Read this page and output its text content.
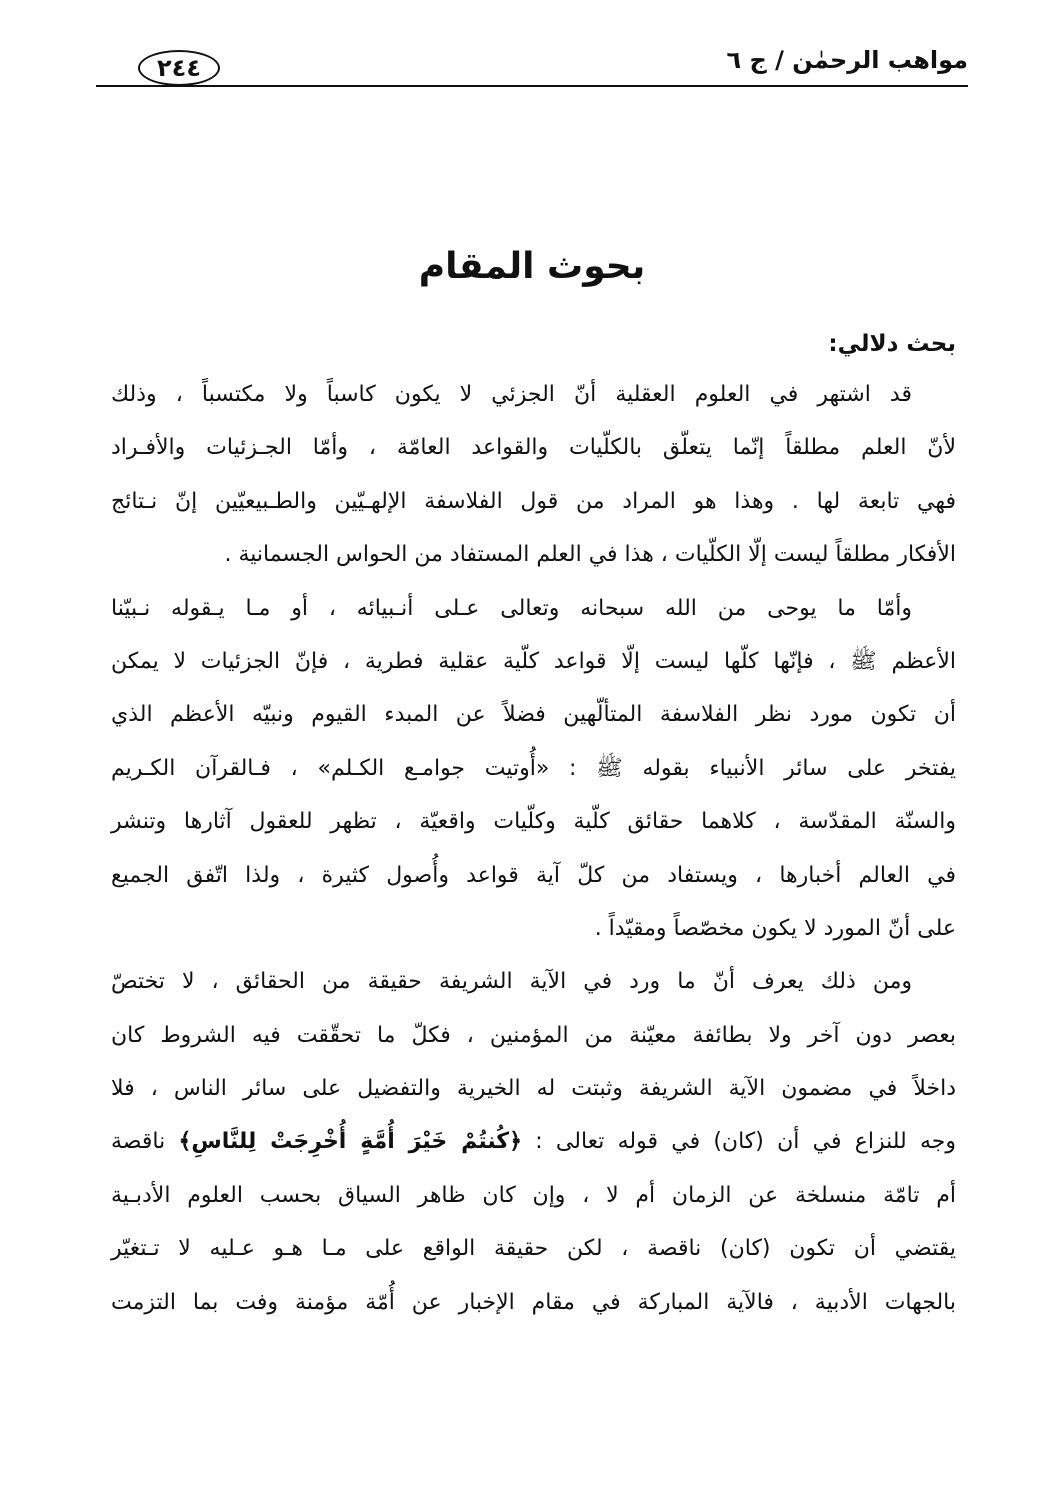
٢٤٤	مواهب الرحمٰن / ج ٦
بحوث المقام
بحث دلالي:
قد اشتهر في العلوم العقلية أنّ الجزئي لا يكون كاسباً ولا مكتسباً ، وذلك
لأنّ العلم مطلقاً إنّما يتعلّق بالكلّيات والقواعد العامّة ، وأمّا الجـزئيات والأفـراد
فهي تابعة لها . وهذا هو المراد من قول الفلاسفة الإلهـيّين والطـبيعيّين إنّ نـتائج
الأفكار مطلقاً ليست إلّا الكلّيات ، هذا في العلم المستفاد من الحواس الجسمانية .
وأمّا ما يوحى من الله سبحانه وتعالى عـلى أنـبيائه ، أو مـا يـقوله نـبيّنا
الأعظم ﷺ ، فإنّها كلّها ليست إلّا قواعد كلّية عقلية فطرية ، فإنّ الجزئيات لا يمكن
أن تكون مورد نظر الفلاسفة المتألّهين فضلاً عن المبدء القيوم ونبيّه الأعظم الذي
يفتخر على سائر الأنبياء بقوله ﷺ : «أُوتيت جوامـع الكـلم» ، فـالقرآن الكـريم
والسنّة المقدّسة ، كلاهما حقائق كلّية وكلّيات واقعيّة ، تظهر للعقول آثارها وتنشر
في العالم أخبارها ، ويستفاد من كلّ آية قواعد وأُصول كثيرة ، ولذا اتّفق الجميع
على أنّ المورد لا يكون مخصّصاً ومقيّداً .
ومن ذلك يعرف أنّ ما ورد في الآية الشريفة حقيقة من الحقائق ، لا تختصّ
بعصر دون آخر ولا بطائفة معيّنة من المؤمنين ، فكلّ ما تحقّقت فيه الشروط كان
داخلاً في مضمون الآية الشريفة وثبتت له الخيرية والتفضيل على سائر الناس ، فلا
وجه للنزاع في أن (كان) في قوله تعالى : ﴿كُنتُمْ خَيْرَ أُمَّةٍ أُخْرِجَتْ لِلنَّاسِ﴾ ناقصة
أم تامّة منسلخة عن الزمان أم لا ، وإن كان ظاهر السياق بحسب العلوم الأدبـية
يقتضي أن تكون (كان) ناقصة ، لكن حقيقة الواقع على مـا هـو عـليه لا تـتغيّر
بالجهات الأدبية ، فالآية المباركة في مقام الإخبار عن أُمّة مؤمنة وفت بما التزمت
